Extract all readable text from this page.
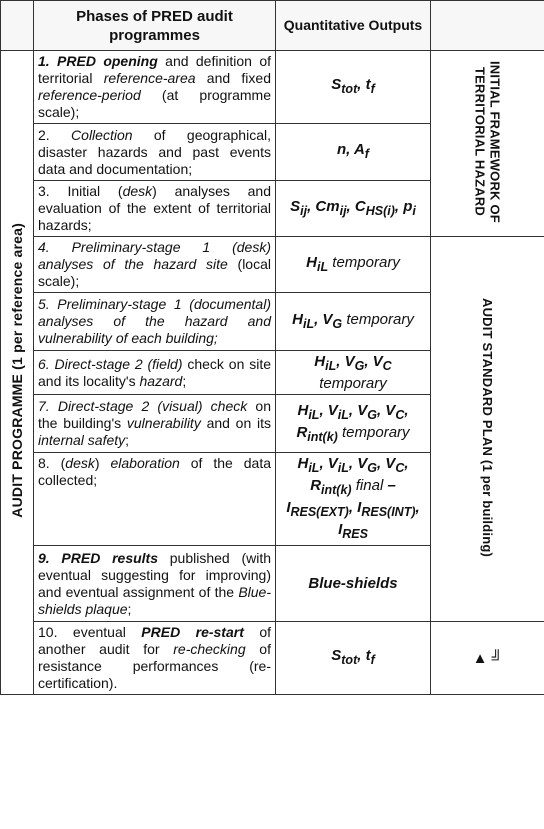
	Phases of PRED audit programmes	Quantitative Outputs	
AUDIT PROGRAMME (1 per reference area)	1. PRED opening and definition of territorial reference-area and fixed reference-period (at programme scale);	$S_{tot}$, $t_f$	INITIAL FRAMEWORK OF TERRITORIAL HAZARD
	2. Collection of geographical, disaster hazards and past events data and documentation;	n, $A_f$
	3. Initial (desk) analyses and evaluation of the extent of territorial hazards;	$S_{ij}$, $Cm_{ij}$, $C_{HS(i)}$, $p_i$
	4. Preliminary-stage 1 (desk) analyses of the hazard site (local scale);	$H_{iL}$ temporary	AUDIT STANDARD PLAN (1 per building)
	5. Preliminary-stage 1 (documental) analyses of the hazard and vulnerability of each building;	$H_{iL}$, $V_G$ temporary	
	6. Direct-stage 2 (field) check on site and its locality's hazard;	$H_{iL}$, $V_G$, $V_C$ temporary	
	7. Direct-stage 2 (visual) check on the building's vulnerability and on its internal safety;	$H_{iL}$, $V_{iL}$, $V_G$, $V_C$, $R_{int(k)}$ temporary	
	8. (desk) elaboration of the data collected;	$H_{iL}$, $V_{iL}$, $V_G$, $V_C$, $R_{int(k)}$ final – $I_{RES(EXT)}$, $I_{RES(INT)}$, $I_{RES}$
	9. PRED results published (with eventual suggesting for improving) and eventual assignment of the Blue-shields plaque;	Blue-shields	
	10. eventual PRED re-start of another audit for re-checking of resistance performances (re-certification).	$S_{tot}$, $t_f$	▲ ╝
